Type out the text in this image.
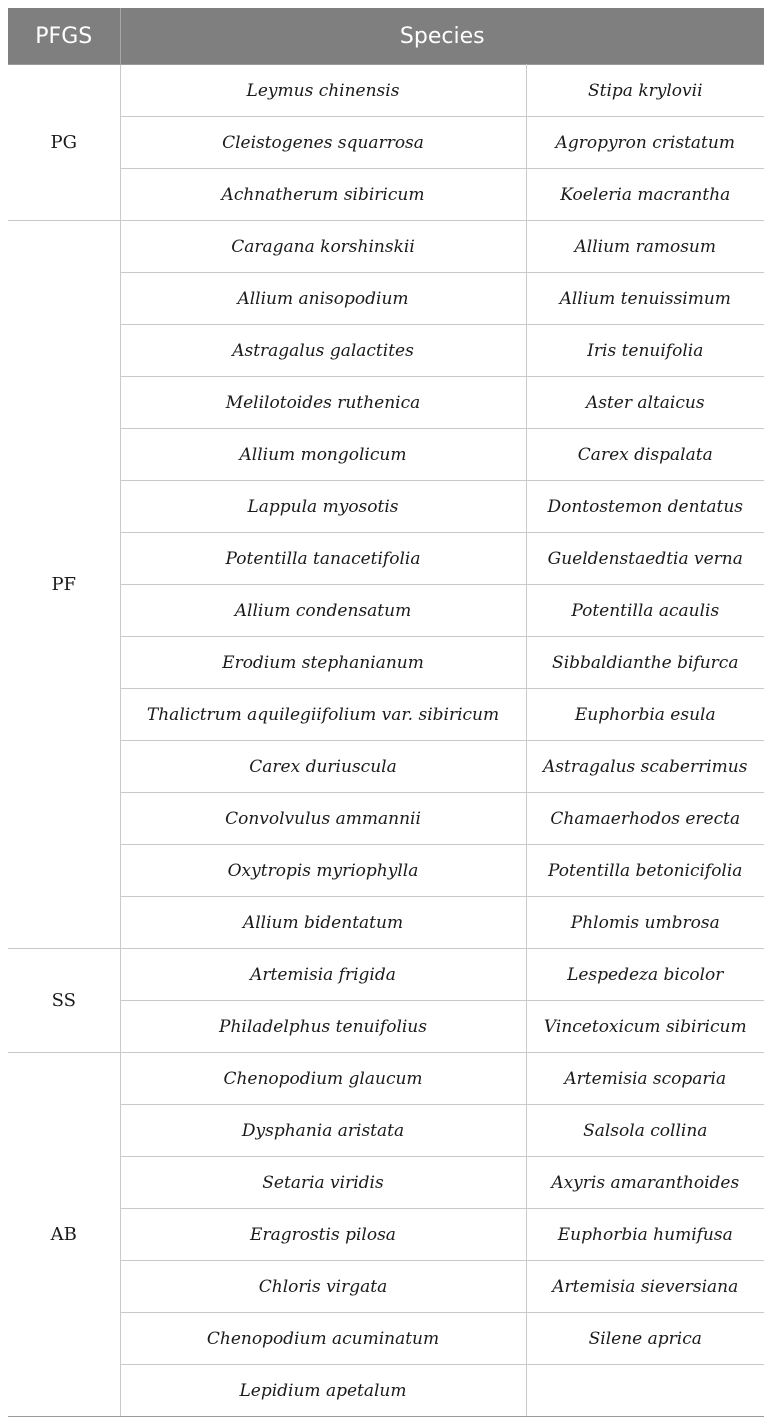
PFGS	Species	
PG	Leymus chinensis	Stipa krylovii
	Cleistogenes squarrosa	Agropyron cristatum
	Achnatherum sibiricum	Koeleria macrantha
PF	Caragana korshinskii	Allium ramosum
	Allium anisopodium	Allium tenuissimum
	Astragalus galactites	Iris tenuifolia
	Melilotoides ruthenica	Aster altaicus
	Allium mongolicum	Carex dispalata
	Lappula myosotis	Dontostemon dentatus
	Potentilla tanacetifolia	Gueldenstaedtia verna
	Allium condensatum	Potentilla acaulis
	Erodium stephanianum	Sibbaldianthe bifurca
	Thalictrum aquilegiifolium var. sibiricum	Euphorbia esula
	Carex duriuscula	Astragalus scaberrimus
	Convolvulus ammannii	Chamaerhodos erecta
	Oxytropis myriophylla	Potentilla betonicifolia
	Allium bidentatum	Phlomis umbrosa
SS	Artemisia frigida	Lespedeza bicolor
	Philadelphus tenuifolius	Vincetoxicum sibiricum
AB	Chenopodium glaucum	Artemisia scoparia
	Dysphania aristata	Salsola collina
	Setaria viridis	Axyris amaranthoides
	Eragrostis pilosa	Euphorbia humifusa
	Chloris virgata	Artemisia sieversiana
	Chenopodium acuminatum	Silene aprica
	Lepidium apetalum	
